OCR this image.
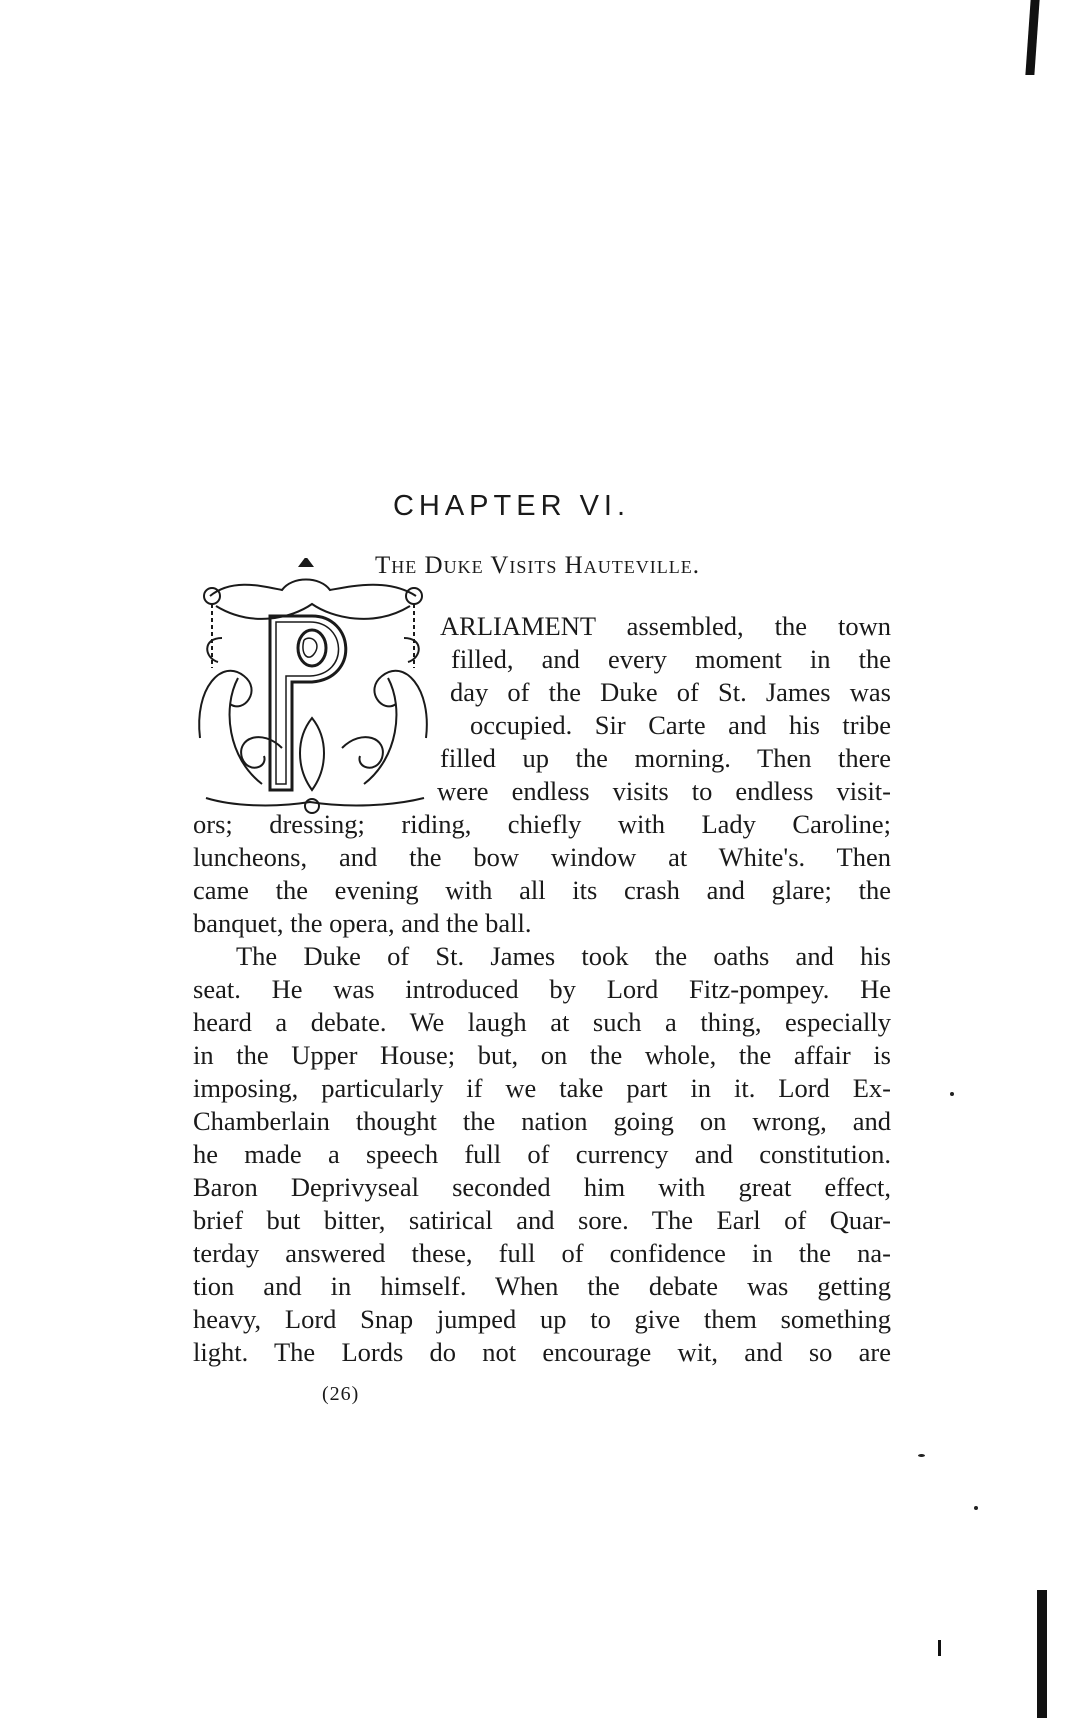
CHAPTER VI.
The Duke Visits Hauteville.

ARLIAMENT assembled, the town

filled, and every moment in the

day of the Duke of St. James was

occupied. Sir Carte and his tribe

filled up the morning. Then there

were endless visits to endless visit-

ors; dressing; riding, chiefly with Lady Caroline;

luncheons, and the bow window at White's. Then

came the evening with all its crash and glare; the

banquet, the opera, and the ball.

The Duke of St. James took the oaths and his

seat. He was introduced by Lord Fitz-pompey. He

heard a debate. We laugh at such a thing, especially

in the Upper House; but, on the whole, the affair is

imposing, particularly if we take part in it. Lord Ex-

Chamberlain thought the nation going on wrong, and

he made a speech full of currency and constitution.

Baron Deprivyseal seconded him with great effect,

brief but bitter, satirical and sore. The Earl of Quar-

terday answered these, full of confidence in the na-

tion and in himself. When the debate was getting

heavy, Lord Snap jumped up to give them something

light. The Lords do not encourage wit, and so are

(26)
